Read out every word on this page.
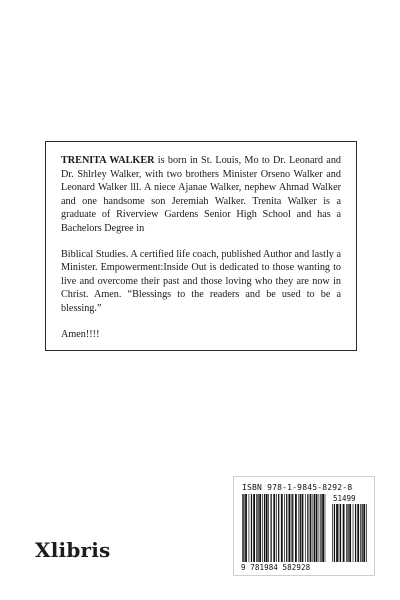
TRENITA WALKER is born in St. Louis, Mo to Dr. Leonard and Dr. Shlrley Walker, with two brothers Minister Orseno Walker and Leonard Walker lll. A niece Ajanae Walker, nephew Ahmad Walker and one handsome son Jeremiah Walker. Trenita Walker is a graduate of Riverview Gardens Senior High School and has a Bachelors Degree in

Biblical Studies. A certified life coach, published Author and lastly a Minister. Empowerment:Inside Out is dedicated to those wanting to live and overcome their past and those loving who they are now in Christ. Amen. “Blessings to the readers and be used to be a blessing.”

Amen!!!!

Xlibris
ISBN 978-1-9845-8292-8
51499
9 781984 582928
